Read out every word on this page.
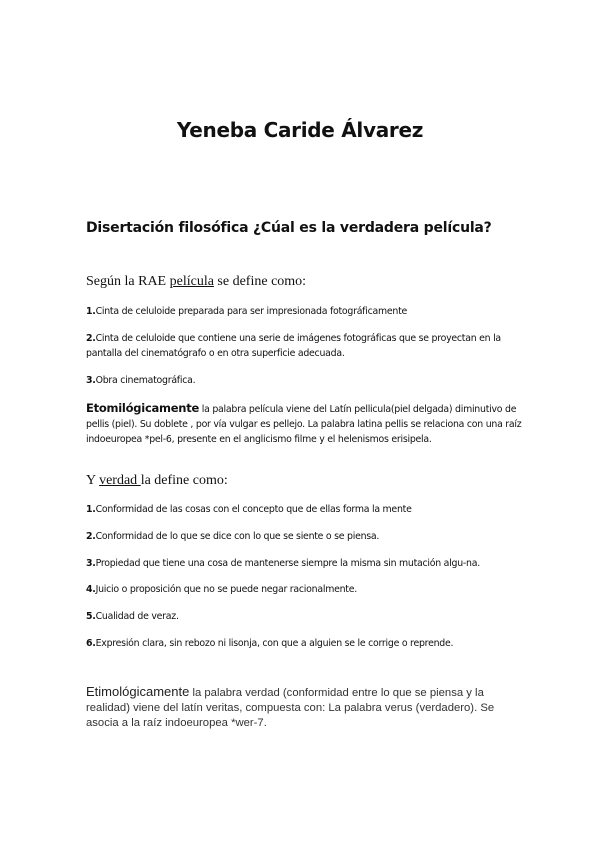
Yeneba Caride Álvarez
Disertación filosófica ¿Cúal es la verdadera película?
Según la RAE película se define como:
1.Cinta de celuloide preparada para ser impresionada fotográficamente
2.Cinta de celuloide que contiene una serie de imágenes fotográficas que se proyectan en la pantalla del cinematógrafo o en otra superficie adecuada.
3.Obra cinematográfica.
Etomilógicamente la palabra película viene del Latín pellicula(piel delgada) diminutivo de pellis (piel). Su doblete , por vía vulgar es pellejo. La palabra latina pellis se relaciona con una raíz indoeuropea *pel-6, presente en el anglicismo filme y el helenismos erisipela.
Y verdad la define como:
1.Conformidad de las cosas con el concepto que de ellas forma la mente
2.Conformidad de lo que se dice con lo que se siente o se piensa.
3.Propiedad que tiene una cosa de mantenerse siempre la misma sin mutación algu-na.
4.Juicio o proposición que no se puede negar racionalmente.
5.Cualidad de veraz.
6.Expresión clara, sin rebozo ni lisonja, con que a alguien se le corrige o reprende.
Etimológicamente la palabra verdad (conformidad entre lo que se piensa y la realidad) viene del latín veritas, compuesta con: La palabra verus (verdadero). Se asocia a la raíz indoeuropea *wer-7.
